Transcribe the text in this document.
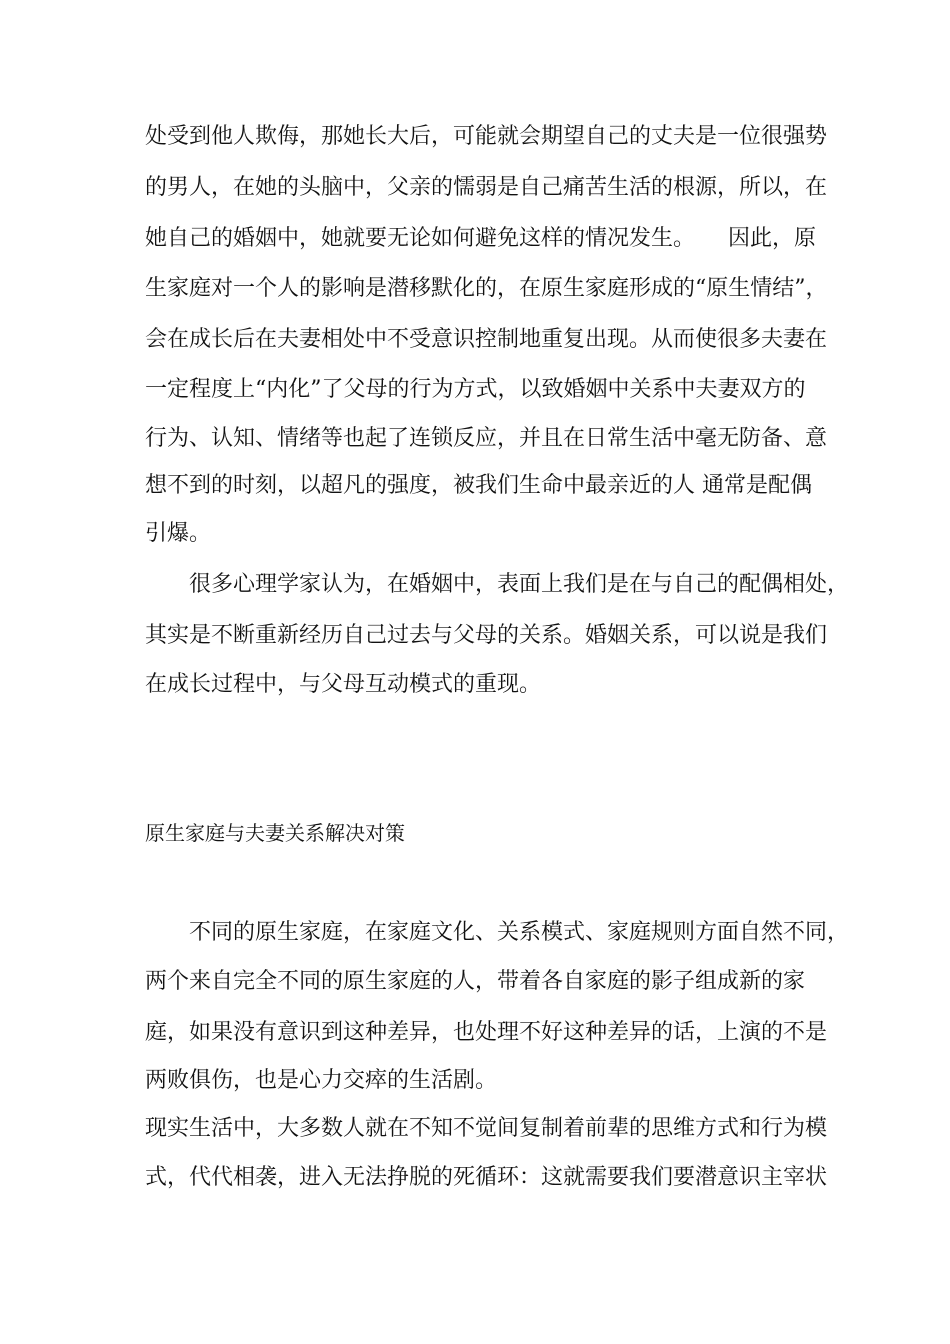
处受到他人欺侮，那她长大后，可能就会期望自己的丈夫是一位很强势
的男人，在她的头脑中，父亲的懦弱是自己痛苦生活的根源，所以，在
她自己的婚姻中，她就要无论如何避免这样的情况发生。　　因此，原
生家庭对一个人的影响是潜移默化的，在原生家庭形成的“原生情结”，
会在成长后在夫妻相处中不受意识控制地重复出现。从而使很多夫妻在
一定程度上“内化”了父母的行为方式，以致婚姻中关系中夫妻双方的
行为、认知、情绪等也起了连锁反应，并且在日常生活中毫无防备、意
想不到的时刻，以超凡的强度，被我们生命中最亲近的人 通常是配偶
引爆。
　　很多心理学家认为，在婚姻中，表面上我们是在与自己的配偶相处，
其实是不断重新经历自己过去与父母的关系。婚姻关系，可以说是我们
在成长过程中，与父母互动模式的重现。
原生家庭与夫妻关系解决对策
　　不同的原生家庭，在家庭文化、关系模式、家庭规则方面自然不同，
两个来自完全不同的原生家庭的人，带着各自家庭的影子组成新的家
庭，如果没有意识到这种差异，也处理不好这种差异的话，上演的不是
两败俱伤，也是心力交瘁的生活剧。
现实生活中，大多数人就在不知不觉间复制着前辈的思维方式和行为模
式，代代相袭，进入无法挣脱的死循环：这就需要我们要潜意识主宰状
